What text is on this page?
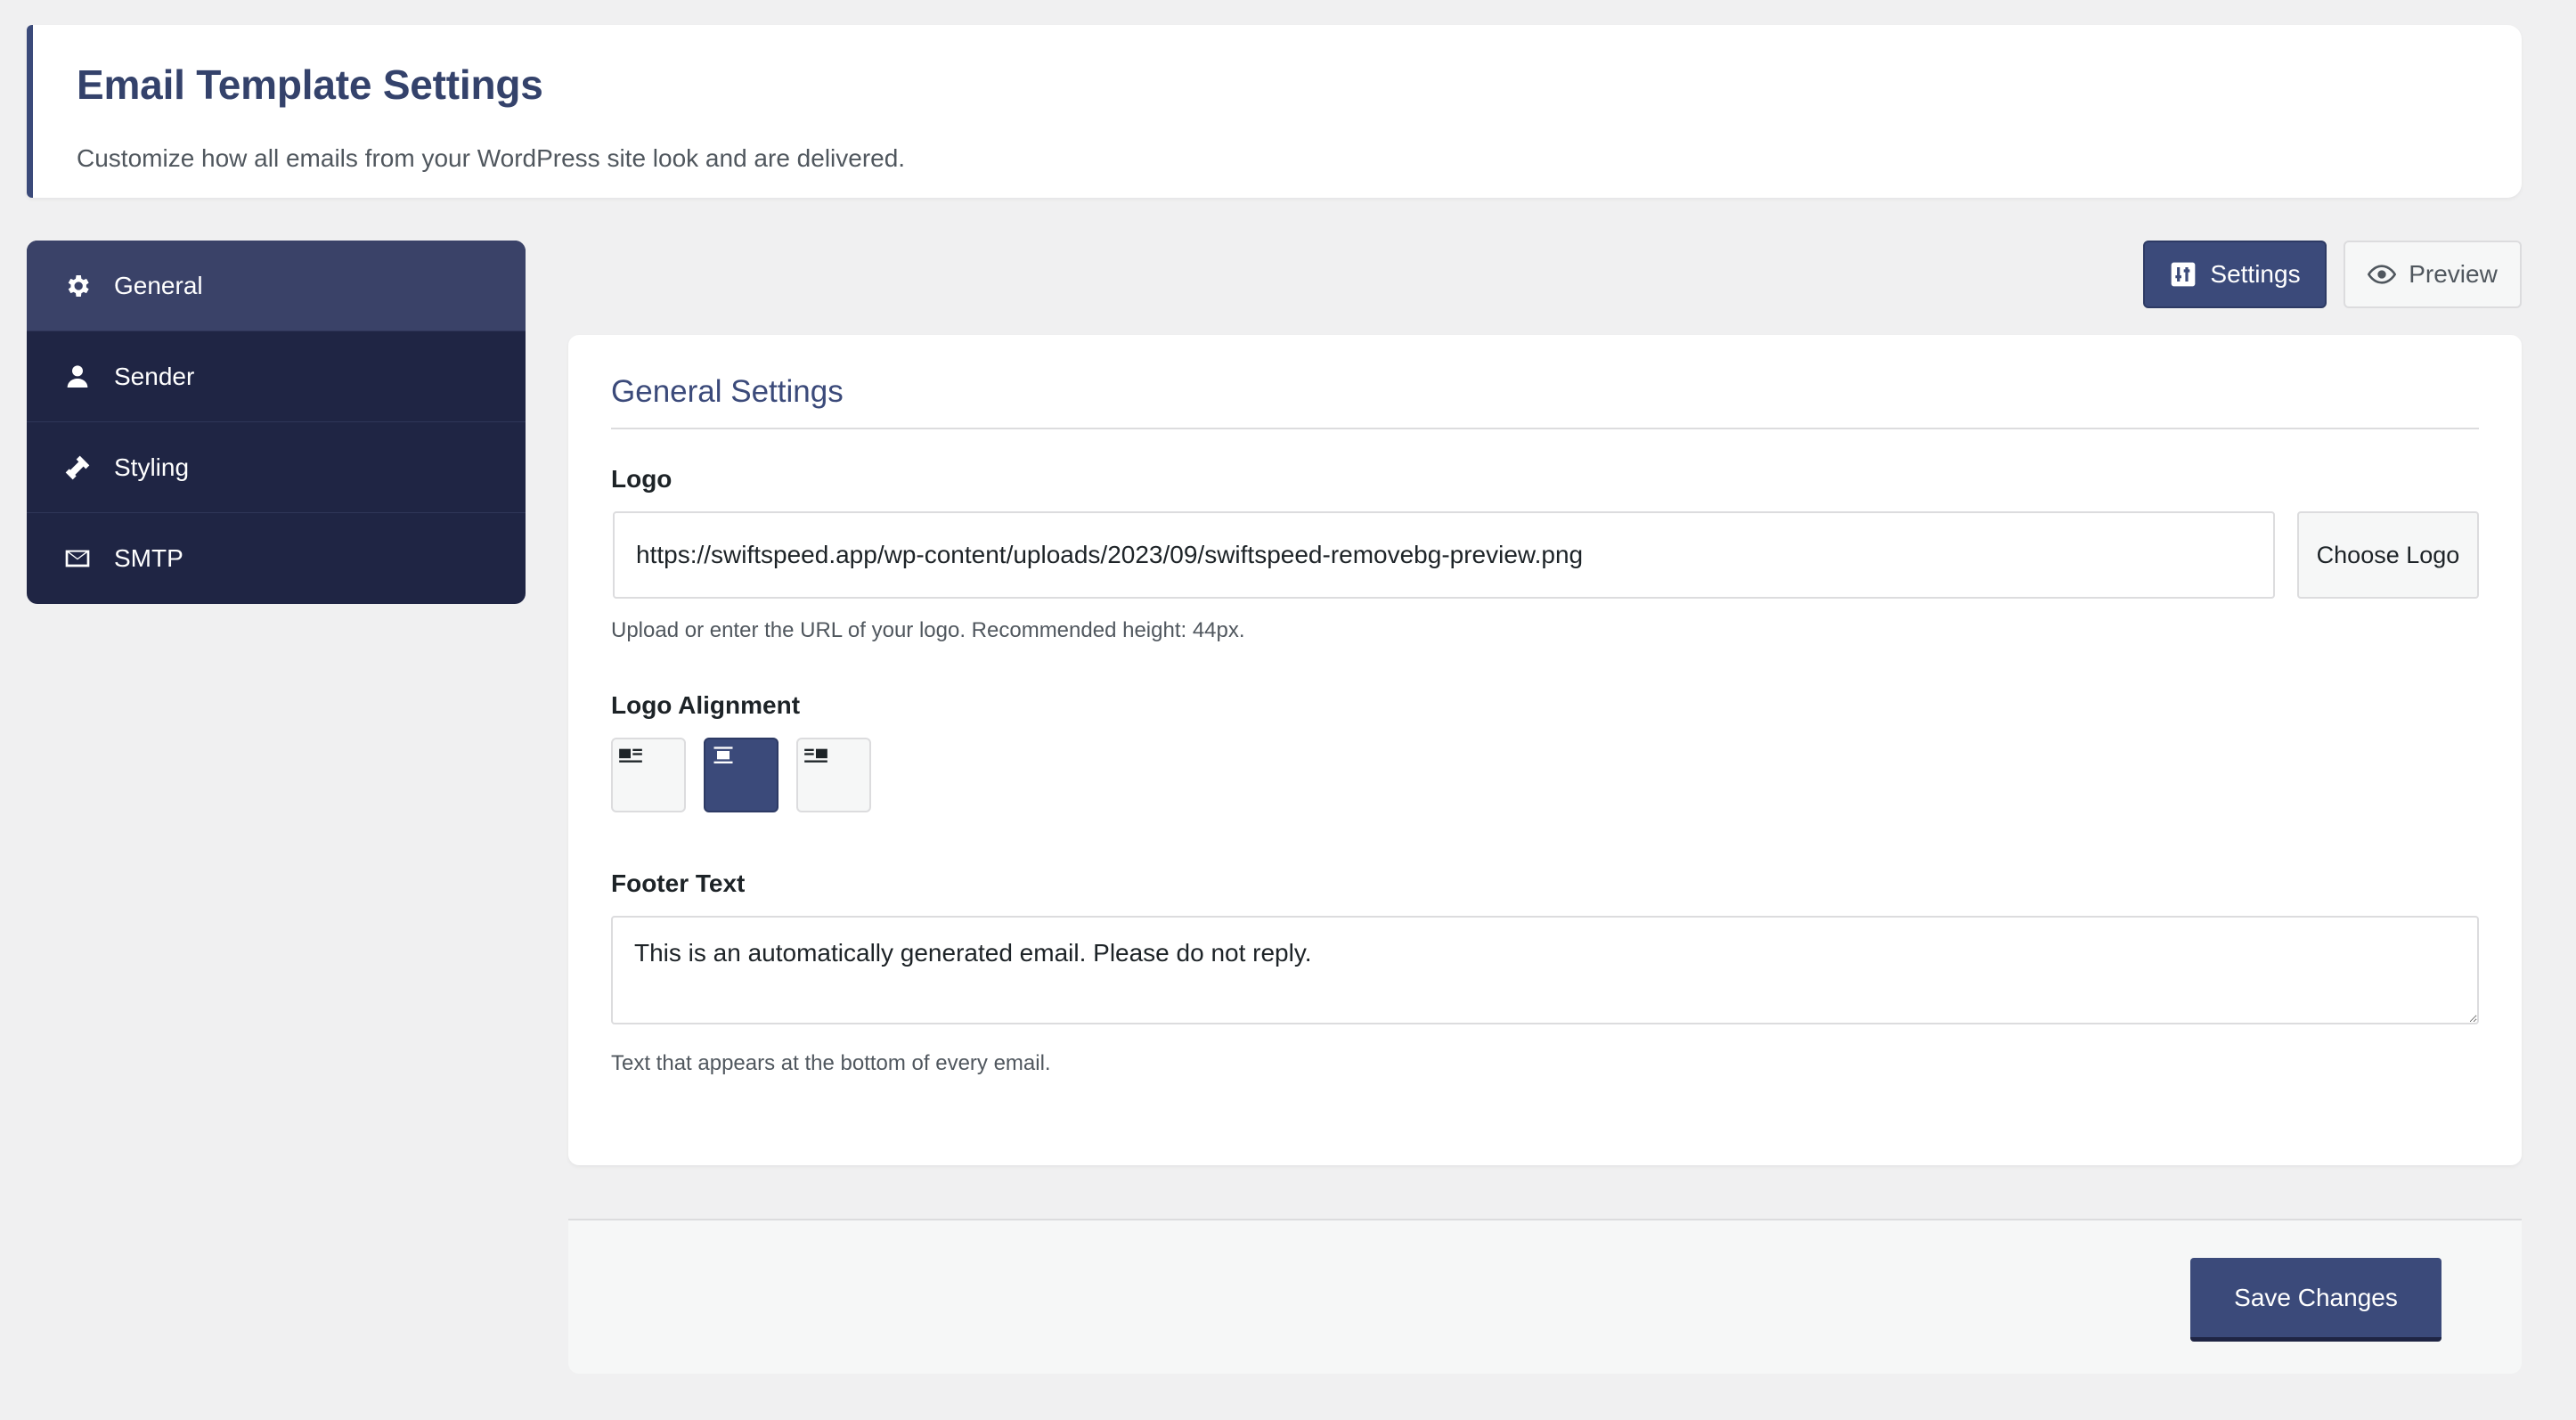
Email Template Settings
Customize how all emails from your WordPress site look and are delivered.
General
Sender
Styling
SMTP
Settings	Preview
General Settings
Logo
https://swiftspeed.app/wp-content/uploads/2023/09/swiftspeed-removebg-preview.png
Choose Logo
Upload or enter the URL of your logo. Recommended height: 44px.
Logo Alignment
Footer Text
This is an automatically generated email. Please do not reply.
Text that appears at the bottom of every email.
Save Changes
